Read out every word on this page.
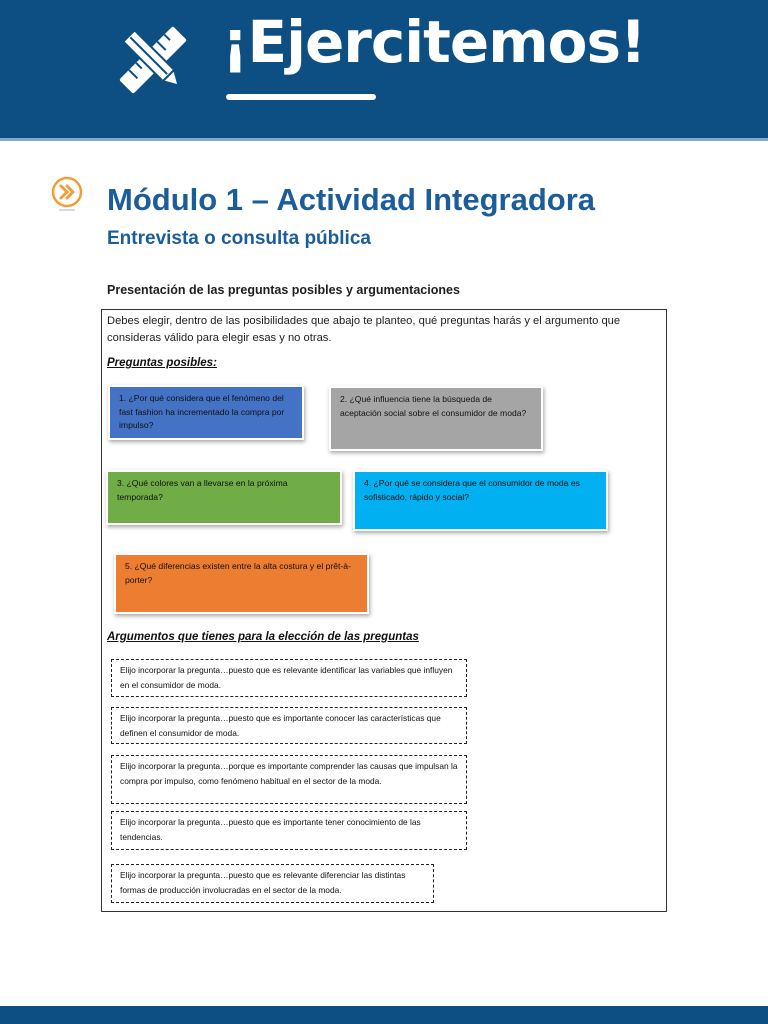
¡Ejercitemos!
Módulo 1 – Actividad Integradora
Entrevista o consulta pública
Presentación de las preguntas posibles y argumentaciones
Debes elegir, dentro de las posibilidades que abajo te planteo, qué preguntas harás y el argumento que consideras válido para elegir esas y no otras.
Preguntas posibles:
1. ¿Por qué considera que el fenómeno del fast fashion ha incrementado la compra por impulso?
2. ¿Qué influencia tiene la búsqueda de aceptación social sobre el consumidor de moda?
3. ¿Qué colores van a llevarse en la próxima temporada?
4. ¿Por qué se considera que el consumidor de moda es sofisticado, rápido y social?
5. ¿Qué diferencias existen entre la alta costura y el prêt-à-porter?
Argumentos que tienes para la elección de las preguntas
Elijo incorporar la pregunta…puesto que es relevante identificar las variables que influyen en el consumidor de moda.
Elijo incorporar la pregunta…puesto que es importante conocer las características que definen el consumidor de moda.
Elijo incorporar la pregunta…porque es importante comprender las causas que impulsan la compra por impulso, como fenómeno habitual en el sector de la moda.
Elijo incorporar la pregunta…puesto que es importante tener conocimiento de las tendencias.
Elijo incorporar la pregunta…puesto que es relevante diferenciar las distintas formas de producción involucradas en el sector de la moda.
